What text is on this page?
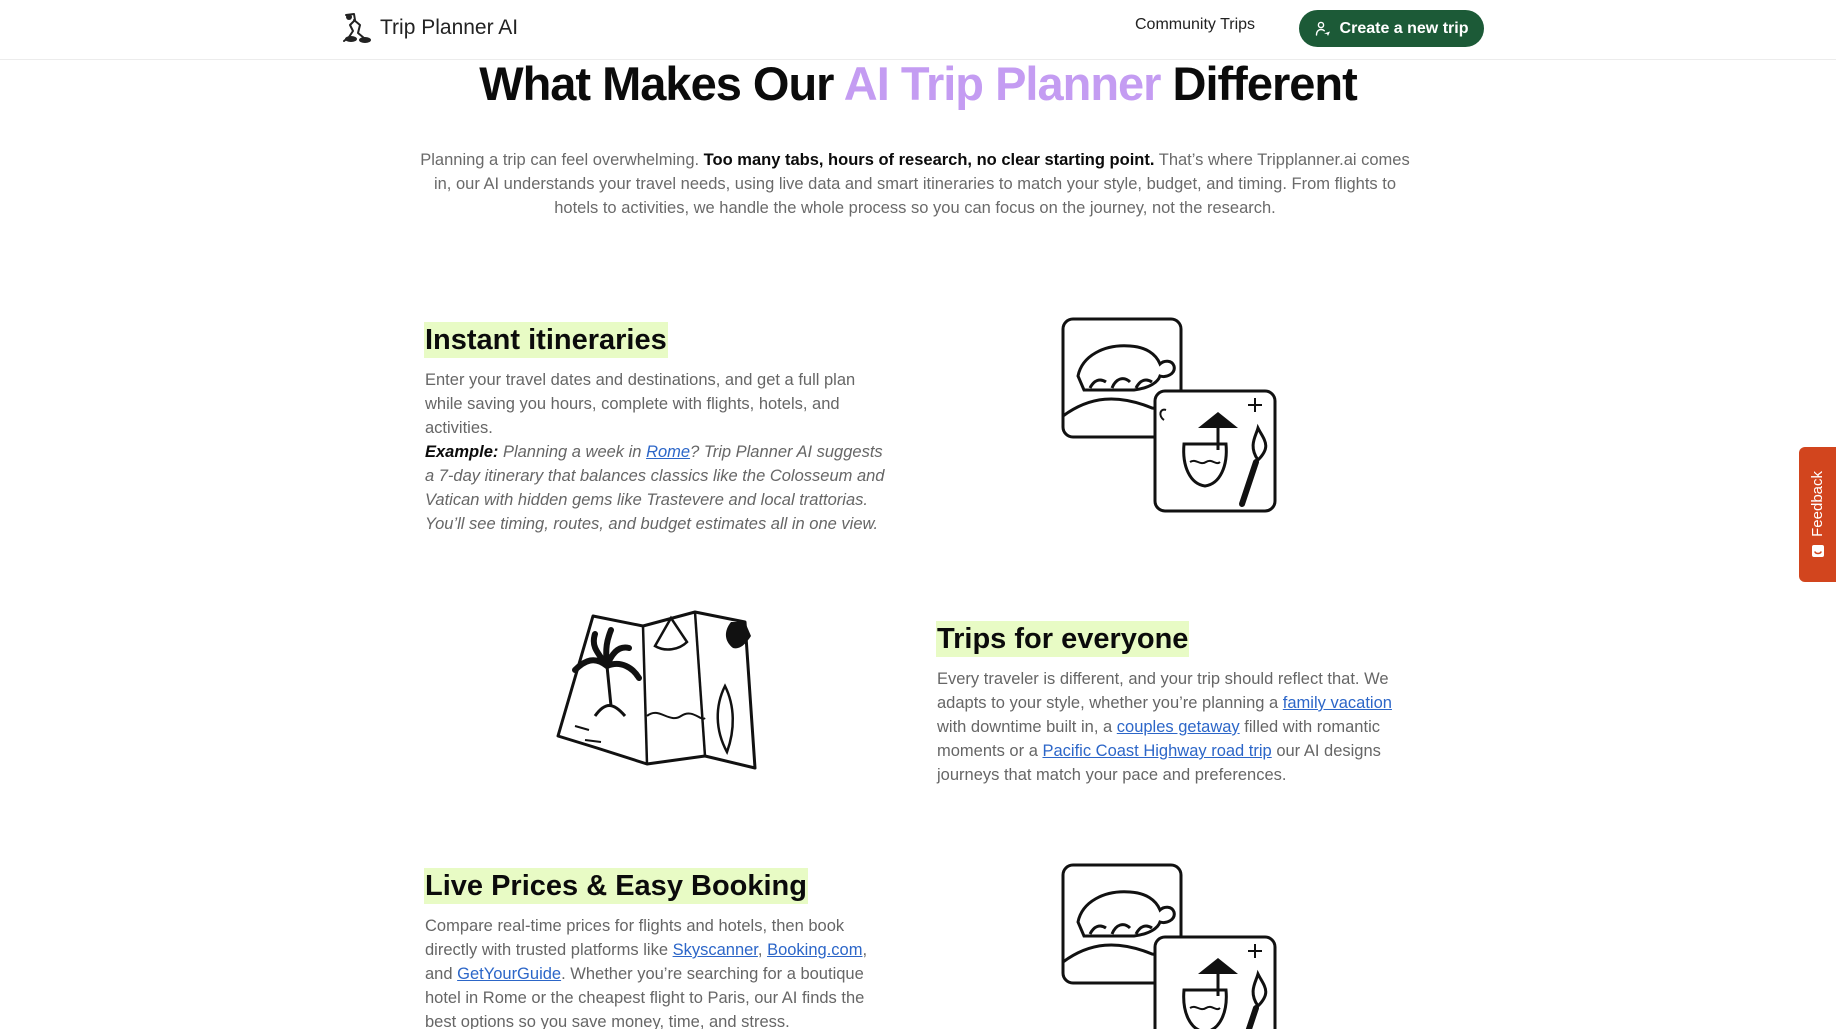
Trip Planner AI	Community Trips	Create a new trip
What Makes Our AI Trip Planner Different

Planning a trip can feel overwhelming. Too many tabs, hours of research, no clear starting point. That’s where Tripplanner.ai comes in, our AI understands your travel needs, using live data and smart itineraries to match your style, budget, and timing. From flights to hotels to activities, we handle the whole process so you can focus on the journey, not the research.

Instant itineraries
Enter your travel dates and destinations, and get a full plan while saving you hours, complete with flights, hotels, and activities.
Example: Planning a week in Rome? Trip Planner AI suggests a 7-day itinerary that balances classics like the Colosseum and Vatican with hidden gems like Trastevere and local trattorias. You’ll see timing, routes, and budget estimates all in one view.
Trips for everyone
Every traveler is different, and your trip should reflect that. We adapts to your style, whether you’re planning a family vacation with downtime built in, a couples getaway filled with romantic moments or a Pacific Coast Highway road trip our AI designs journeys that match your pace and preferences.
Live Prices & Easy Booking
Compare real-time prices for flights and hotels, then book directly with trusted platforms like Skyscanner, Booking.com, and GetYourGuide. Whether you’re searching for a boutique hotel in Rome or the cheapest flight to Paris, our AI finds the best options so you save money, time, and stress.
Feedback
